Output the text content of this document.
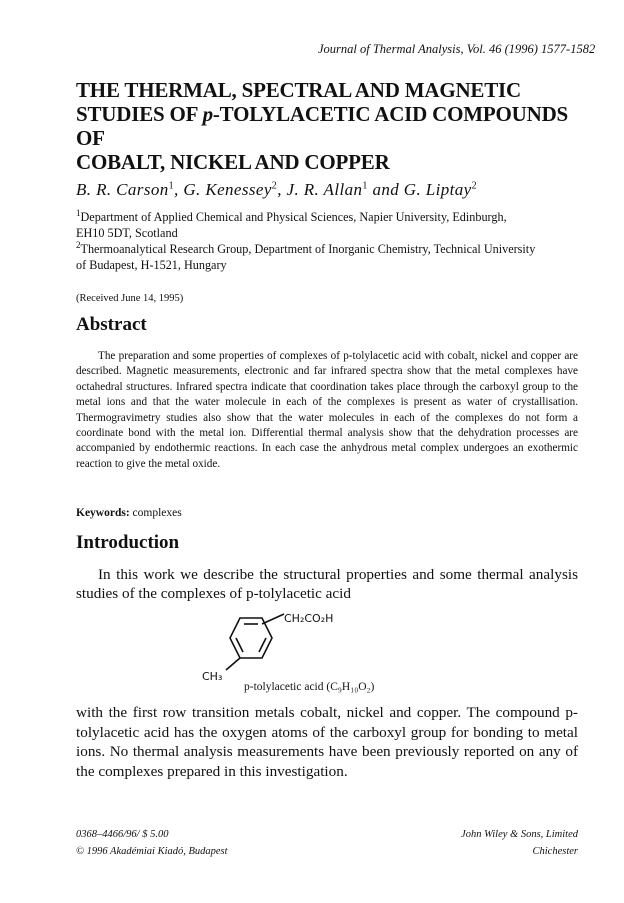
Journal of Thermal Analysis, Vol. 46 (1996) 1577-1582
THE THERMAL, SPECTRAL AND MAGNETIC
STUDIES OF p-TOLYLACETIC ACID COMPOUNDS OF
COBALT, NICKEL AND COPPER
B. R. Carson$^1$, G. Kenessey$^2$, J. R. Allan$^1$ and G. Liptay$^2$
$^1$Department of Applied Chemical and Physical Sciences, Napier University, Edinburgh,
EH10 5DT, Scotland
$^2$Thermoanalytical Research Group, Department of Inorganic Chemistry, Technical University
of Budapest, H-1521, Hungary
(Received June 14, 1995)
Abstract

The preparation and some properties of complexes of p-tolylacetic acid with cobalt, nickel and copper are described. Magnetic measurements, electronic and far infrared spectra show that the metal complexes have octahedral structures. Infrared spectra indicate that coordination takes place through the carboxyl group to the metal ions and that the water molecule in each of the complexes is present as water of crystallisation. Thermogravimetry studies also show that the water molecules in each of the complexes do not form a coordinate bond with the metal ion. Differential thermal analysis show that the dehydration processes are accompanied by endothermic reactions. In each case the anhydrous metal complex undergoes an exothermic reaction to give the metal oxide.

Keywords: complexes
Introduction

In this work we describe the structural properties and some thermal analysis studies of the complexes of p-tolylacetic acid

CH₂CO₂H
CH₃
p-tolylacetic acid (C₉H₁₀O₂)

with the first row transition metals cobalt, nickel and copper. The compound p-tolylacetic acid has the oxygen atoms of the carboxyl group for bonding to metal ions. No thermal analysis measurements have been previously reported on any of the complexes prepared in this investigation.

0368–4466/96/ $ 5.00
© 1996 Akadémiai Kiadó, Budapest
John Wiley & Sons, Limited
Chichester
